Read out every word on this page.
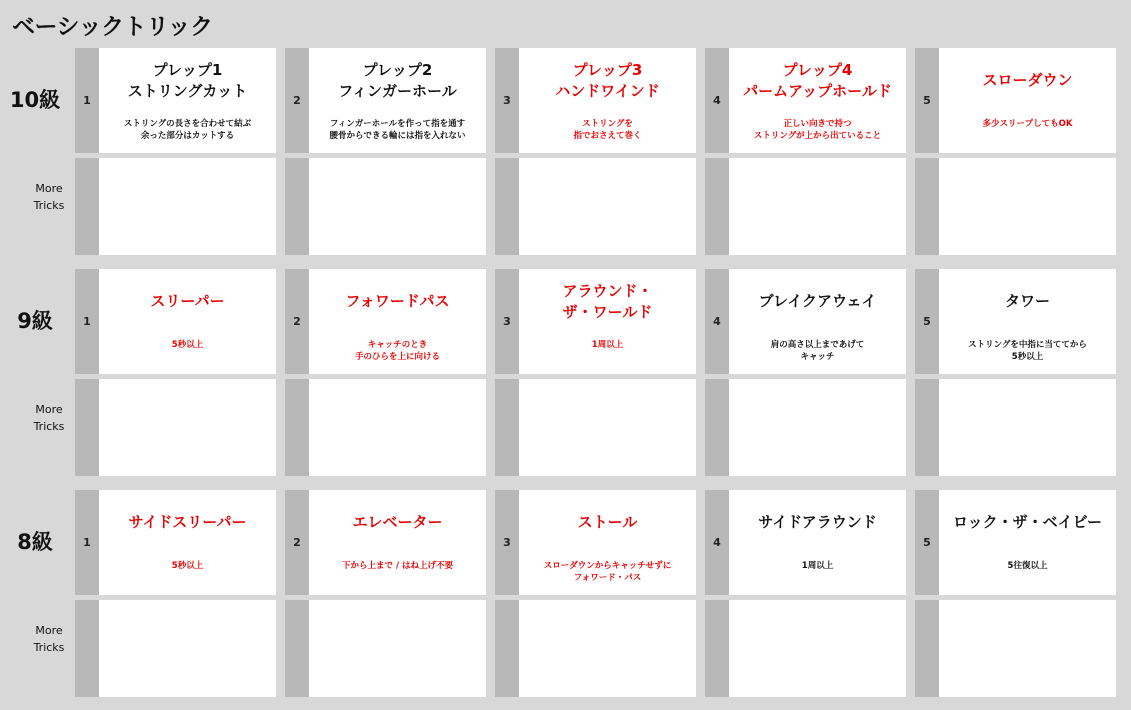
ベーシックトリック
10級
More
Tricks
1
プレップ1
ストリングカット
ストリングの長さを合わせて結ぶ
余った部分はカットする
2
プレップ2
フィンガーホール
フィンガーホールを作って指を通す
腰骨からできる輪には指を入れない
3
プレップ3
ハンドワインド
ストリングを
指でおさえて巻く
4
プレップ4
パームアップホールド
正しい向きで持つ
ストリングが上から出ていること
5
スローダウン
多少スリープしてもOK
9級
More
Tricks
1
スリーパー
5秒以上
2
フォワードパス
キャッチのとき
手のひらを上に向ける
3
アラウンド・
ザ・ワールド
1周以上
4
ブレイクアウェイ
肩の高さ以上まであげて
キャッチ
5
タワー
ストリングを中指に当ててから
5秒以上
8級
More
Tricks
1
サイドスリーパー
5秒以上
2
エレベーター
下から上まで / はね上げ不要
3
ストール
スローダウンからキャッチせずに
フォワード・パス
4
サイドアラウンド
1周以上
5
ロック・ザ・ベイビー
5往復以上
